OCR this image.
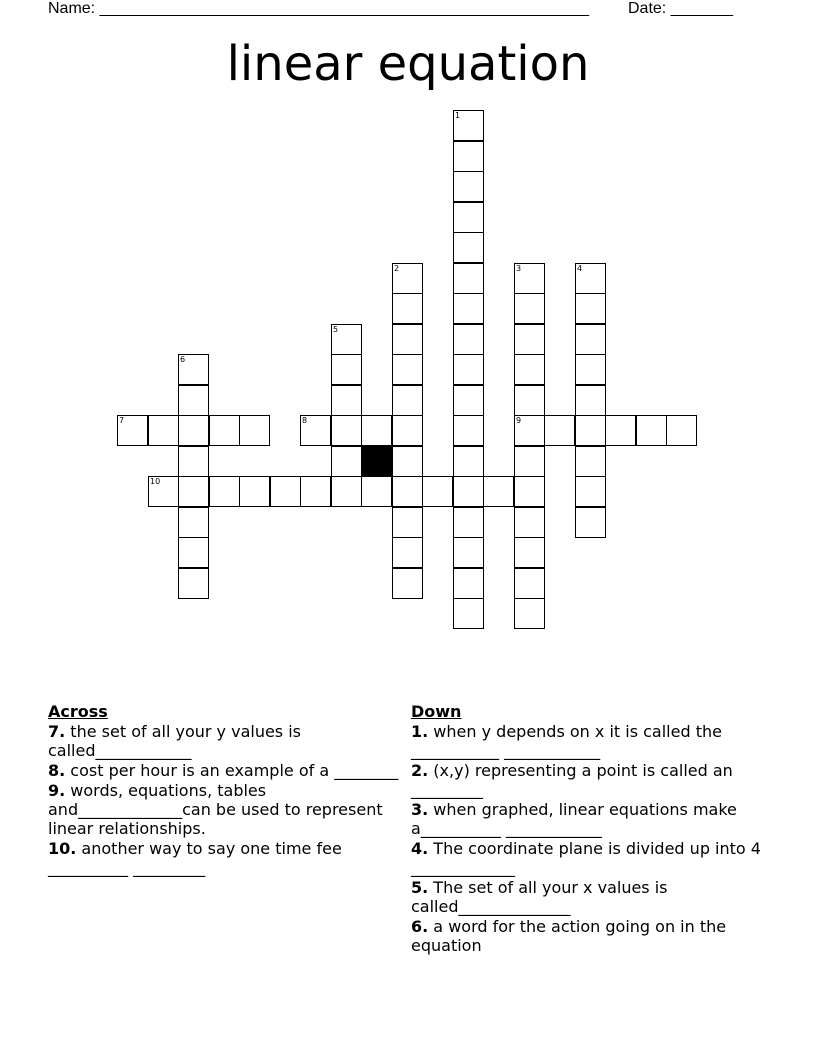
Name: _______________________________________________________ Date: _______
linear equation
1
2	3
9
4
5
6
7	8
10
Across
7. the set of all your y values is called____________
8. cost per hour is an example of a ________
9. words, equations, tables and_____________can be used to represent linear relationships.
10. another way to say one time fee __________ _________
Down
1. when y depends on x it is called the ___________ ____________
2. (x,y) representing a point is called an _________
3. when graphed, linear equations make a__________ ____________
4. The coordinate plane is divided up into 4 _____________
5. The set of all your x values is called______________
6. a word for the action going on in the equation
